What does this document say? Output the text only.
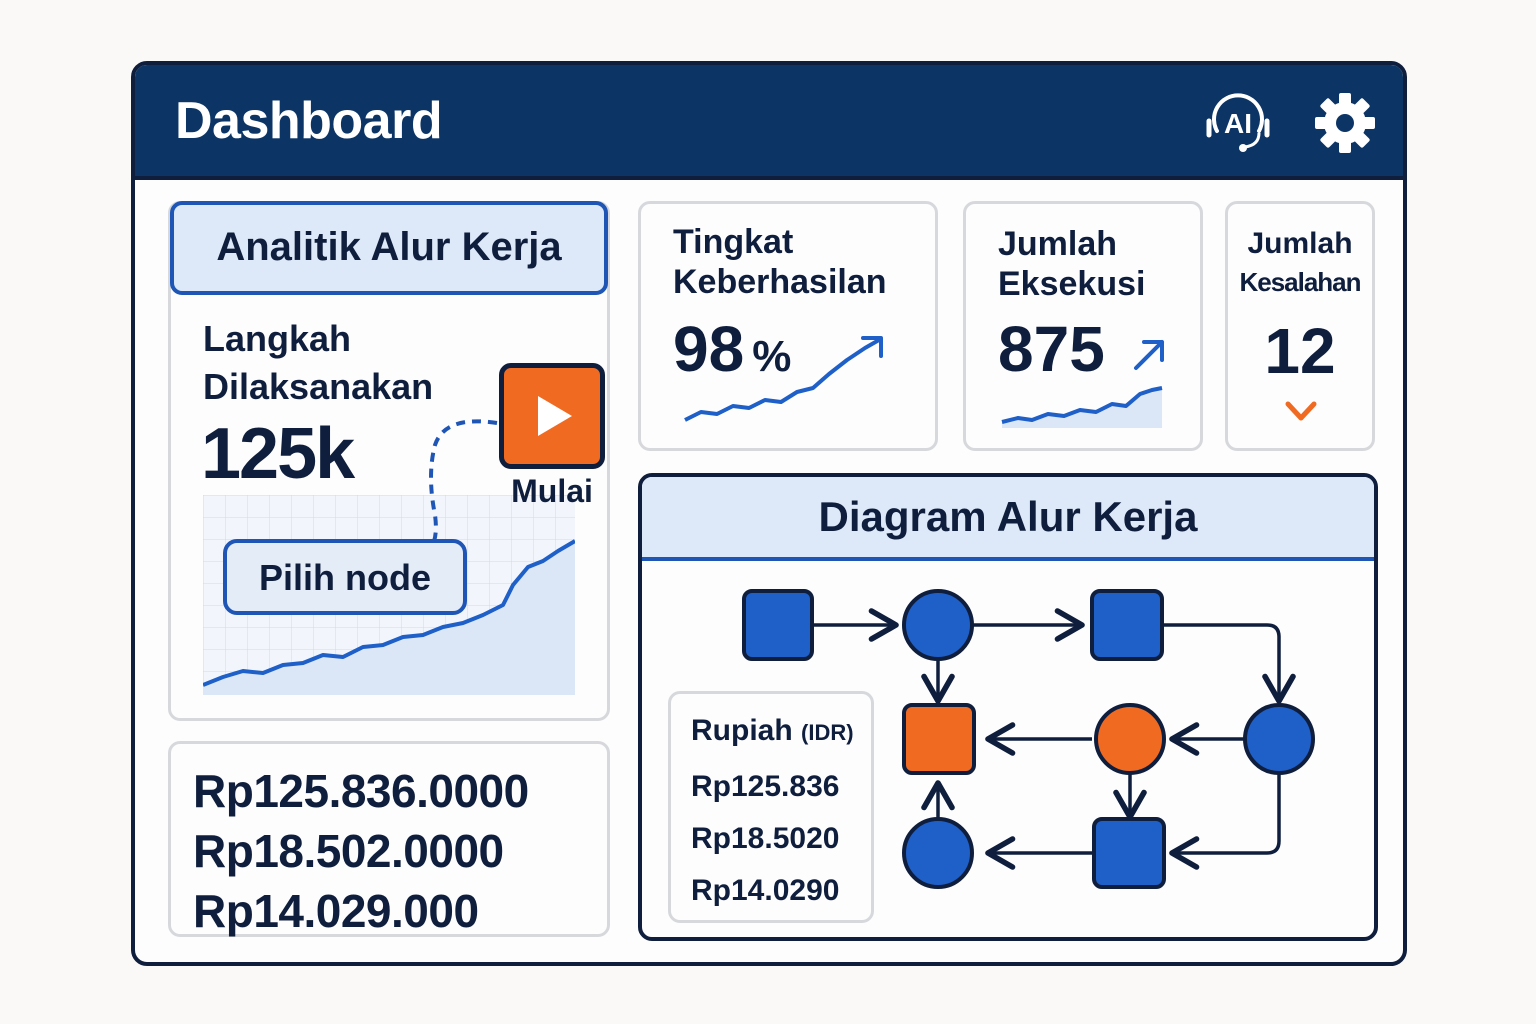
Dashboard	AI
Analitik Alur Kerja
Langkah Dilaksanakan
125k	Mulai
Pilih node
Rp125.836.0000
Rp18.502.0000
Rp14.029.000
Tingkat
Keberhasilan
98 %
Jumlah
Eksekusi
875
Jumlah
Kesalahan
12
Diagram Alur Kerja
Rupiah (IDR)
Rp125.836
Rp18.5020
Rp14.0290
